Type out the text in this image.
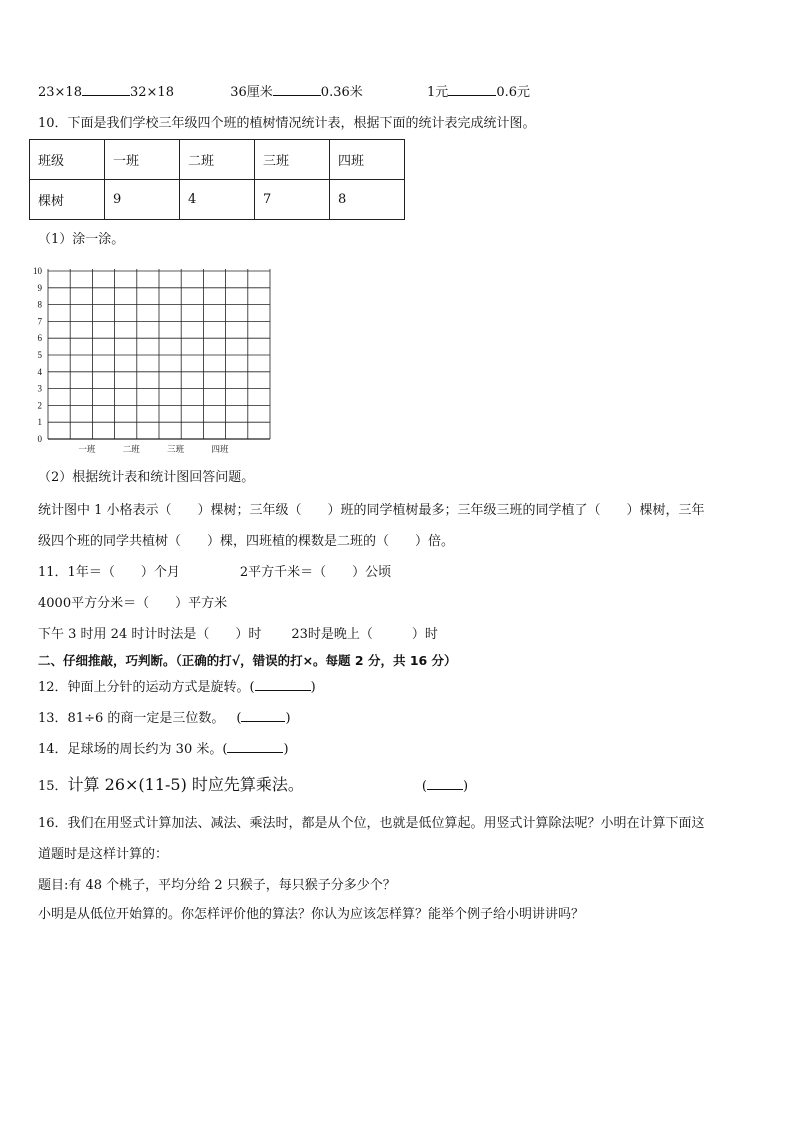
23×18	32×18	36厘米	0.36米	1元	0.6元
10．下面是我们学校三年级四个班的植树情况统计表，根据下面的统计表完成统计图。
班级	一班	二班	三班	四班
棵树	9	4	7	8
（1）涂一涂。
0
1
2
3
4
5
6
7
8
9
10
一班	二班	三班	四班
（2）根据统计表和统计图回答问题。
统计图中 1 小格表示（　　）棵树；三年级（　　）班的同学植树最多；三年级三班的同学植了（　　）棵树，三年
级四个班的同学共植树（　　）棵，四班植的棵数是二班的（　　）倍。
11．1年＝（　　）个月	2平方千米＝（　　）公顷
4000平方分米＝（　　）平方米
下午 3 时用 24 时计时法是（　　）时 23时是晚上（　　　）时
二、仔细推敲，巧判断。（正确的打√，错误的打×。每题 2 分，共 16 分）
12．钟面上分针的运动方式是旋转。(	)
13．81÷6 的商一定是三位数。 (	)
14．足球场的周长约为 30 米。(	)
15．计算 26×(11-5) 时应先算乘法。	(	)
16．我们在用竖式计算加法、减法、乘法时，都是从个位，也就是低位算起。用竖式计算除法呢？小明在计算下面这
道题时是这样计算的：
题目:有 48 个桃子，平均分给 2 只猴子，每只猴子分多少个？
小明是从低位开始算的。你怎样评价他的算法？你认为应该怎样算？能举个例子给小明讲讲吗？
